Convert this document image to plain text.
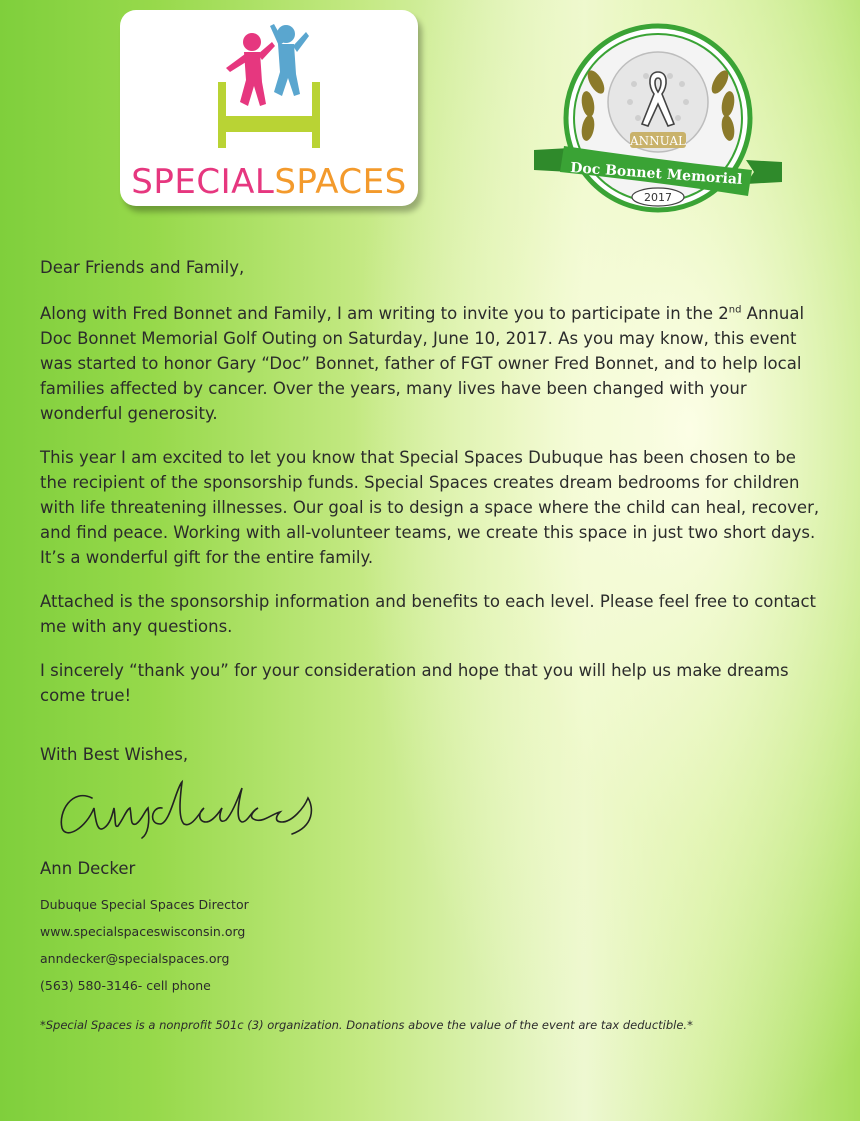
SPECIALSPACES
ANNUAL
Doc Bonnet Memorial
2017

Dear Friends and Family,

Along with Fred Bonnet and Family, I am writing to invite you to participate in the 2nd Annual Doc Bonnet Memorial Golf Outing on Saturday, June 10, 2017. As you may know, this event was started to honor Gary “Doc” Bonnet, father of FGT owner Fred Bonnet, and to help local families affected by cancer. Over the years, many lives have been changed with your wonderful generosity.

This year I am excited to let you know that Special Spaces Dubuque has been chosen to be the recipient of the sponsorship funds. Special Spaces creates dream bedrooms for children with life threatening illnesses. Our goal is to design a space where the child can heal, recover, and find peace. Working with all-volunteer teams, we create this space in just two short days. It’s a wonderful gift for the entire family.

Attached is the sponsorship information and benefits to each level. Please feel free to contact me with any questions.

I sincerely “thank you” for your consideration and hope that you will help us make dreams come true!

With Best Wishes,
Ann Decker
Dubuque Special Spaces Director
www.specialspaceswisconsin.org
anndecker@specialspaces.org
(563) 580-3146- cell phone
*Special Spaces is a nonprofit 501c (3) organization. Donations above the value of the event are tax deductible.*
